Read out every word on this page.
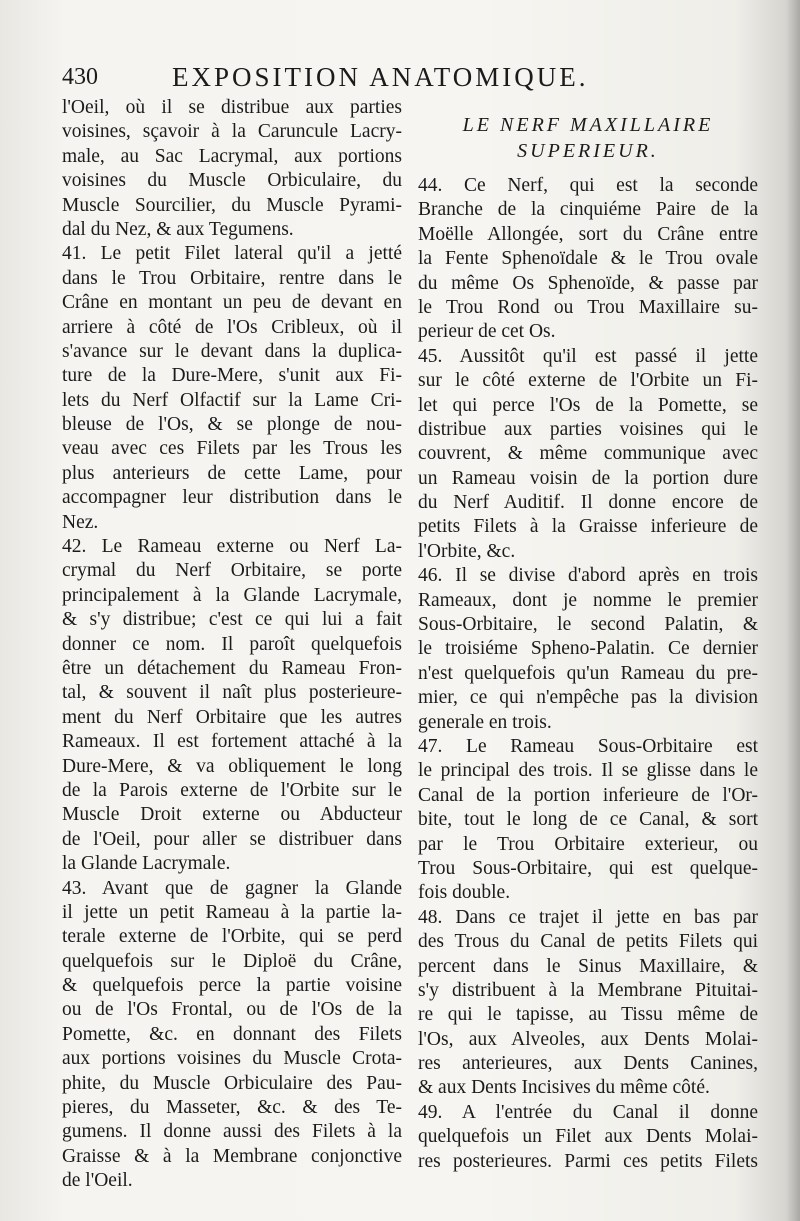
430	EXPOSITION ANATOMIQUE.
l'Oeil, où il se distribue aux parties
voisines, sçavoir à la Caruncule Lacry-
male, au Sac Lacrymal, aux portions
voisines du Muscle Orbiculaire, du
Muscle Sourcilier, du Muscle Pyrami-
dal du Nez, & aux Tegumens.
41. Le petit Filet lateral qu'il a jetté
dans le Trou Orbitaire, rentre dans le
Crâne en montant un peu de devant en
arriere à côté de l'Os Cribleux, où il
s'avance sur le devant dans la duplica-
ture de la Dure-Mere, s'unit aux Fi-
lets du Nerf Olfactif sur la Lame Cri-
bleuse de l'Os, & se plonge de nou-
veau avec ces Filets par les Trous les
plus anterieurs de cette Lame, pour
accompagner leur distribution dans le
Nez.
42. Le Rameau externe ou Nerf La-
crymal du Nerf Orbitaire, se porte
principalement à la Glande Lacrymale,
& s'y distribue; c'est ce qui lui a fait
donner ce nom. Il paroît quelquefois
être un détachement du Rameau Fron-
tal, & souvent il naît plus posterieure-
ment du Nerf Orbitaire que les autres
Rameaux. Il est fortement attaché à la
Dure-Mere, & va obliquement le long
de la Parois externe de l'Orbite sur le
Muscle Droit externe ou Abducteur
de l'Oeil, pour aller se distribuer dans
la Glande Lacrymale.
43. Avant que de gagner la Glande
il jette un petit Rameau à la partie la-
terale externe de l'Orbite, qui se perd
quelquefois sur le Diploë du Crâne,
& quelquefois perce la partie voisine
ou de l'Os Frontal, ou de l'Os de la
Pomette, &c. en donnant des Filets
aux portions voisines du Muscle Crota-
phite, du Muscle Orbiculaire des Pau-
pieres, du Masseter, &c. & des Te-
gumens. Il donne aussi des Filets à la
Graisse & à la Membrane conjonctive
de l'Oeil.
LE NERF MAXILLAIRE
SUPERIEUR.
44. Ce Nerf, qui est la seconde
Branche de la cinquiéme Paire de la
Moëlle Allongée, sort du Crâne entre
la Fente Sphenoïdale & le Trou ovale
du même Os Sphenoïde, & passe par
le Trou Rond ou Trou Maxillaire su-
perieur de cet Os.
45. Aussitôt qu'il est passé il jette
sur le côté externe de l'Orbite un Fi-
let qui perce l'Os de la Pomette, se
distribue aux parties voisines qui le
couvrent, & même communique avec
un Rameau voisin de la portion dure
du Nerf Auditif. Il donne encore de
petits Filets à la Graisse inferieure de
l'Orbite, &c.
46. Il se divise d'abord après en trois
Rameaux, dont je nomme le premier
Sous-Orbitaire, le second Palatin, &
le troisiéme Spheno-Palatin. Ce dernier
n'est quelquefois qu'un Rameau du pre-
mier, ce qui n'empêche pas la division
generale en trois.
47. Le Rameau Sous-Orbitaire est
le principal des trois. Il se glisse dans le
Canal de la portion inferieure de l'Or-
bite, tout le long de ce Canal, & sort
par le Trou Orbitaire exterieur, ou
Trou Sous-Orbitaire, qui est quelque-
fois double.
48. Dans ce trajet il jette en bas par
des Trous du Canal de petits Filets qui
percent dans le Sinus Maxillaire, &
s'y distribuent à la Membrane Pituitai-
re qui le tapisse, au Tissu même de
l'Os, aux Alveoles, aux Dents Molai-
res anterieures, aux Dents Canines,
& aux Dents Incisives du même côté.
49. A l'entrée du Canal il donne
quelquefois un Filet aux Dents Molai-
res posterieures. Parmi ces petits Filets
